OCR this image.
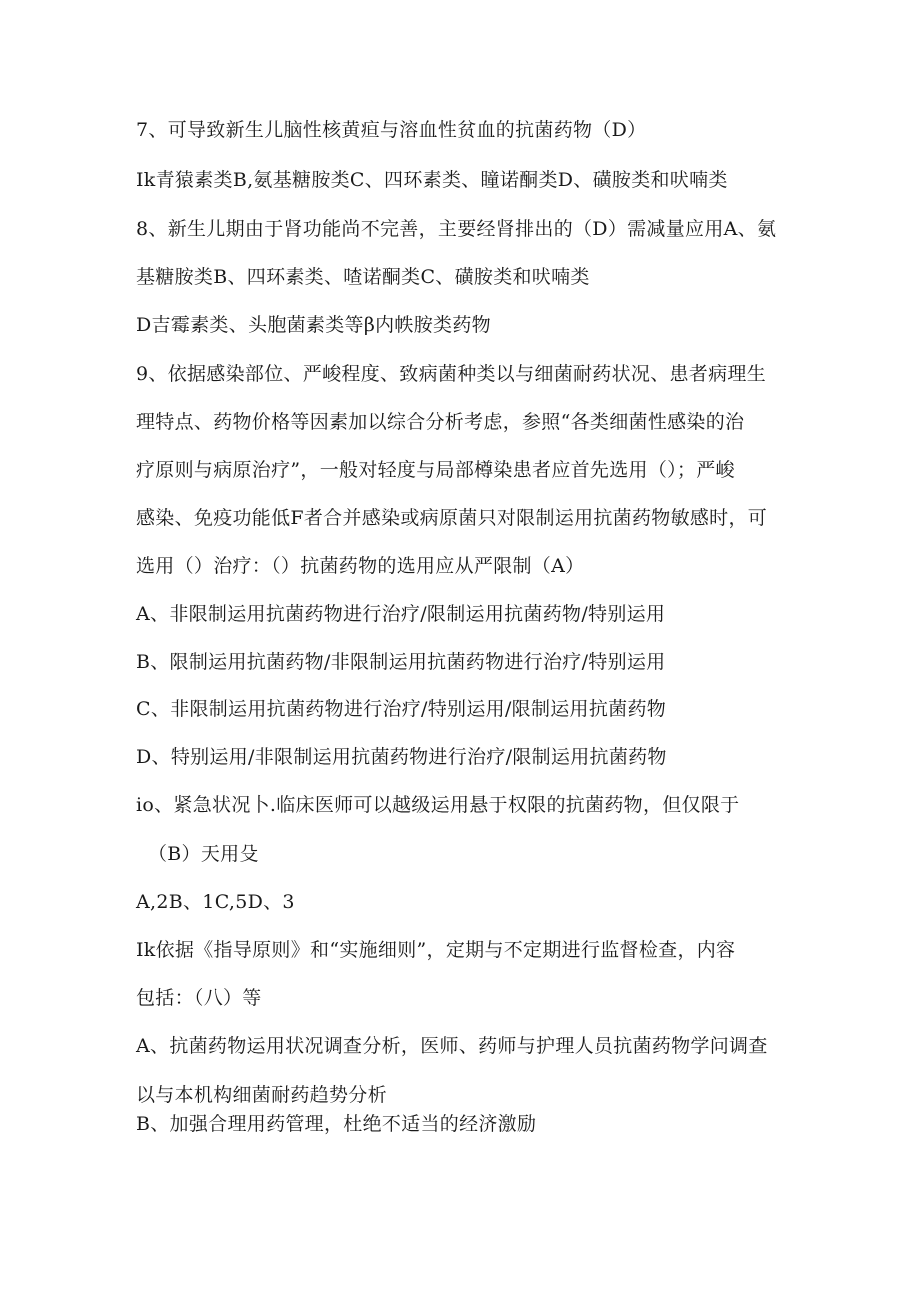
7、可导致新生儿脑性核黄疸与溶血性贫血的抗菌药物（D）
Ik青猿素类B,氨基糖胺类C、四环素类、瞳诺酮类D、磺胺类和吠喃类
8、新生儿期由于肾功能尚不完善，主要经肾排出的（D）需减量应用A、氨
基糖胺类B、四环素类、喳诺酮类C、磺胺类和吠喃类
D吉霉素类、头胞菌素类等β内帙胺类药物
9、依据感染部位、严峻程度、致病菌种类以与细菌耐药状况、患者病理生
理特点、药物价格等因素加以综合分析考虑，参照“各类细菌性感染的治
疗原则与病原治疗”，一般对轻度与局部樽染患者应首先选用（）；严峻
感染、免疫功能低F者合并感染或病原菌只对限制运用抗菌药物敏感时，可
选用（）治疗：（）抗菌药物的选用应从严限制（A）
A、非限制运用抗菌药物进行治疗/限制运用抗菌药物/特别运用
B、限制运用抗菌药物/非限制运用抗菌药物进行治疗/特别运用
C、非限制运用抗菌药物进行治疗/特别运用/限制运用抗菌药物
D、特别运用/非限制运用抗菌药物进行治疗/限制运用抗菌药物
io、紧急状况卜.临床医师可以越级运用悬于权限的抗菌药物，但仅限于
（B）天用殳
A,2B、1C,5D、3
Ik依据《指导原则》和“实施细则”，定期与不定期进行监督检查，内容
包括：（八）等
A、抗菌药物运用状况调查分析，医师、药师与护理人员抗菌药物学问调查
以与本机构细菌耐药趋势分析
B、加强合理用药管理，杜绝不适当的经济激励
